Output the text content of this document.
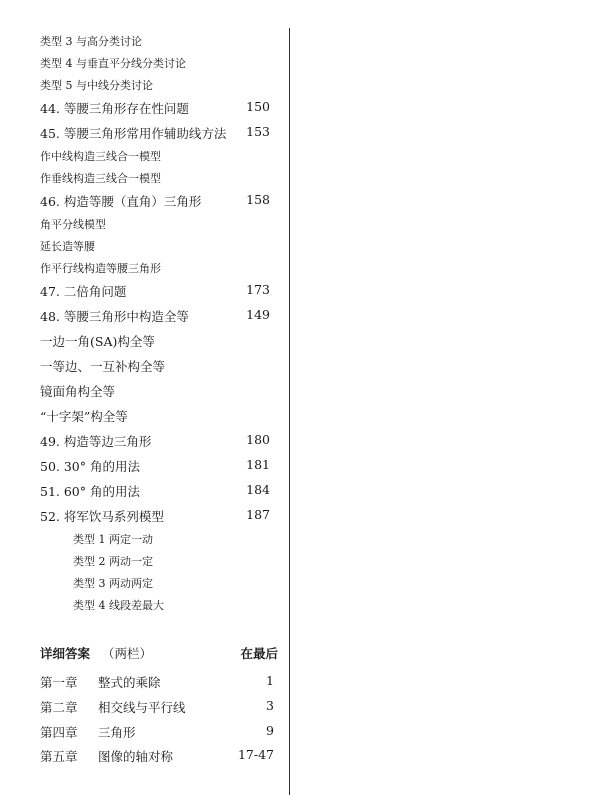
类型 3 与高分类讨论
类型 4 与垂直平分线分类讨论
类型 5 与中线分类讨论
44. 等腰三角形存在性问题	150
45. 等腰三角形常用作辅助线方法 153
作中线构造三线合一模型
作垂线构造三线合一模型
46. 构造等腰（直角）三角形	158
角平分线模型
延长造等腰
作平行线构造等腰三角形
47. 二倍角问题	173
48. 等腰三角形中构造全等	149
一边一角(SA)构全等
一等边、一互补构全等
镜面角构全等
“十字架”构全等
49. 构造等边三角形	180
50. 30° 角的用法	181
51. 60° 角的用法	184
52. 将军饮马系列模型	187
类型 1 两定一动
类型 2 两动一定
类型 3 两动两定
类型 4 线段差最大
详细答案 （两栏）	在最后
第一章 整式的乘除	1
第二章 相交线与平行线	3
第四章 三角形	9
第五章 图像的轴对称	17-47
